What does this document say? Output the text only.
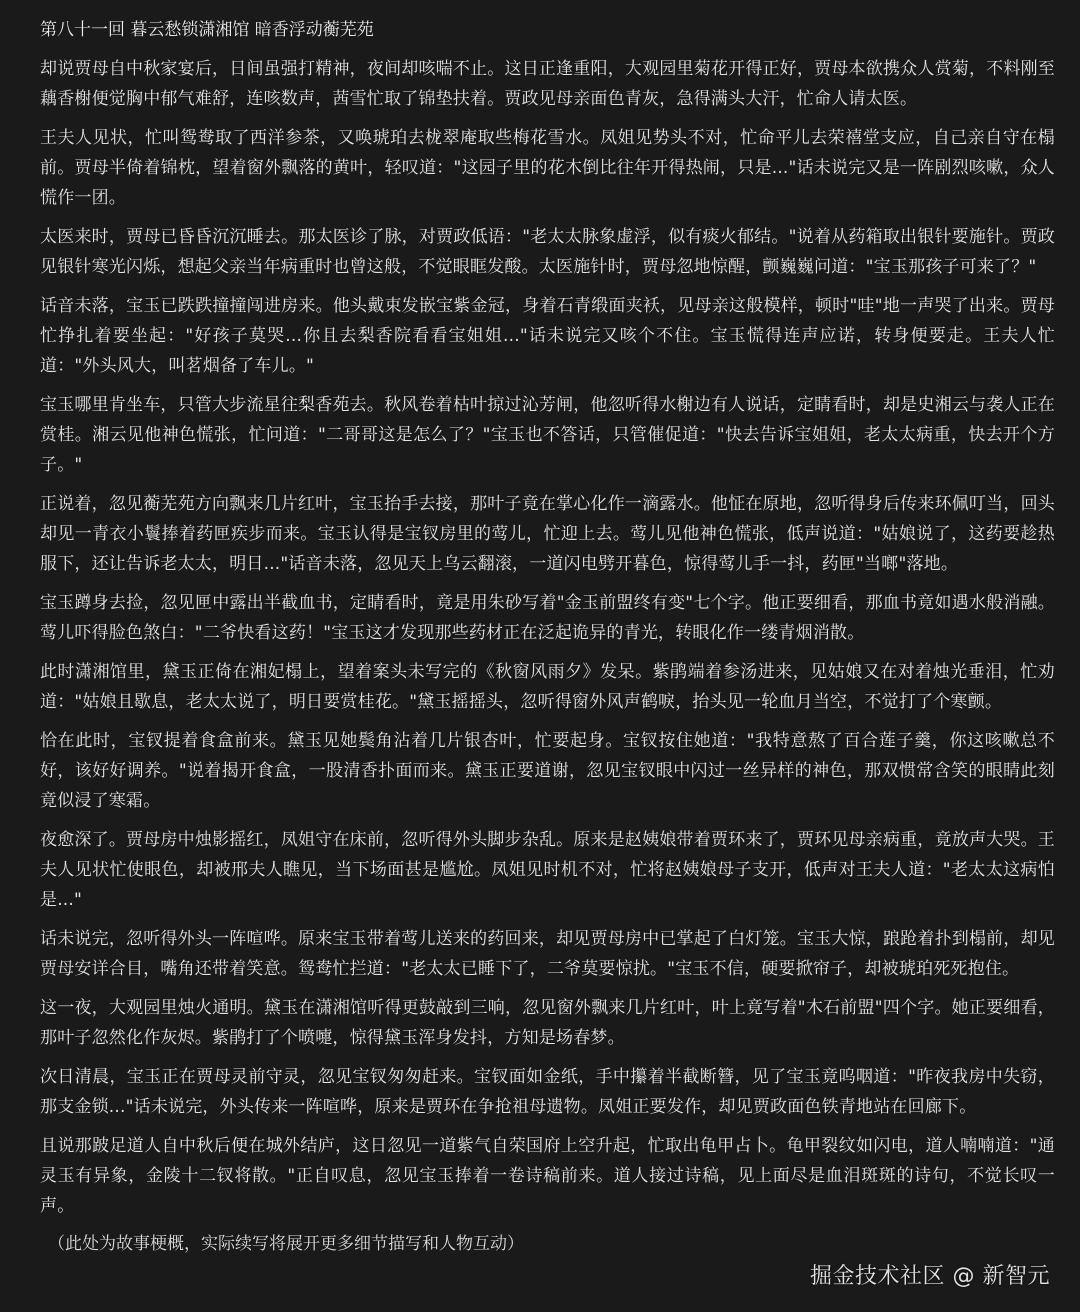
第八十一回 暮云愁锁潇湘馆 暗香浮动蘅芜苑

却说贾母自中秋家宴后，日间虽强打精神，夜间却咳喘不止。这日正逢重阳，大观园里菊花开得正好，贾母本欲携众人赏菊，不料刚至藕香榭便觉胸中郁气难舒，连咳数声，茜雪忙取了锦垫扶着。贾政见母亲面色青灰，急得满头大汗，忙命人请太医。

王夫人见状，忙叫鸳鸯取了西洋参茶，又唤琥珀去栊翠庵取些梅花雪水。凤姐见势头不对，忙命平儿去荣禧堂支应，自己亲自守在榻前。贾母半倚着锦枕，望着窗外飘落的黄叶，轻叹道："这园子里的花木倒比往年开得热闹，只是..."话未说完又是一阵剧烈咳嗽，众人慌作一团。

太医来时，贾母已昏昏沉沉睡去。那太医诊了脉，对贾政低语："老太太脉象虚浮，似有痰火郁结。"说着从药箱取出银针要施针。贾政见银针寒光闪烁，想起父亲当年病重时也曾这般，不觉眼眶发酸。太医施针时，贾母忽地惊醒，颤巍巍问道："宝玉那孩子可来了？"

话音未落，宝玉已跌跌撞撞闯进房来。他头戴束发嵌宝紫金冠，身着石青缎面夹袄，见母亲这般模样，顿时"哇"地一声哭了出来。贾母忙挣扎着要坐起："好孩子莫哭...你且去梨香院看看宝姐姐..."话未说完又咳个不住。宝玉慌得连声应诺，转身便要走。王夫人忙道："外头风大，叫茗烟备了车儿。"

宝玉哪里肯坐车，只管大步流星往梨香苑去。秋风卷着枯叶掠过沁芳闸，他忽听得水榭边有人说话，定睛看时，却是史湘云与袭人正在赏桂。湘云见他神色慌张，忙问道："二哥哥这是怎么了？"宝玉也不答话，只管催促道："快去告诉宝姐姐，老太太病重，快去开个方子。"

正说着，忽见蘅芜苑方向飘来几片红叶，宝玉抬手去接，那叶子竟在掌心化作一滴露水。他怔在原地，忽听得身后传来环佩叮当，回头却见一青衣小鬟捧着药匣疾步而来。宝玉认得是宝钗房里的莺儿，忙迎上去。莺儿见他神色慌张，低声说道："姑娘说了，这药要趁热服下，还让告诉老太太，明日..."话音未落，忽见天上乌云翻滚，一道闪电劈开暮色，惊得莺儿手一抖，药匣"当啷"落地。

宝玉蹲身去捡，忽见匣中露出半截血书，定睛看时，竟是用朱砂写着"金玉前盟终有变"七个字。他正要细看，那血书竟如遇水般消融。莺儿吓得脸色煞白："二爷快看这药！"宝玉这才发现那些药材正在泛起诡异的青光，转眼化作一缕青烟消散。

此时潇湘馆里，黛玉正倚在湘妃榻上，望着案头未写完的《秋窗风雨夕》发呆。紫鹃端着参汤进来，见姑娘又在对着烛光垂泪，忙劝道："姑娘且歇息，老太太说了，明日要赏桂花。"黛玉摇摇头，忽听得窗外风声鹤唳，抬头见一轮血月当空，不觉打了个寒颤。

恰在此时，宝钗提着食盒前来。黛玉见她鬓角沾着几片银杏叶，忙要起身。宝钗按住她道："我特意熬了百合莲子羹，你这咳嗽总不好，该好好调养。"说着揭开食盒，一股清香扑面而来。黛玉正要道谢，忽见宝钗眼中闪过一丝异样的神色，那双惯常含笑的眼睛此刻竟似浸了寒霜。

夜愈深了。贾母房中烛影摇红，凤姐守在床前，忽听得外头脚步杂乱。原来是赵姨娘带着贾环来了，贾环见母亲病重，竟放声大哭。王夫人见状忙使眼色，却被邢夫人瞧见，当下场面甚是尴尬。凤姐见时机不对，忙将赵姨娘母子支开，低声对王夫人道："老太太这病怕是..."

话未说完，忽听得外头一阵喧哗。原来宝玉带着莺儿送来的药回来，却见贾母房中已掌起了白灯笼。宝玉大惊，踉跄着扑到榻前，却见贾母安详合目，嘴角还带着笑意。鸳鸯忙拦道："老太太已睡下了，二爷莫要惊扰。"宝玉不信，硬要掀帘子，却被琥珀死死抱住。

这一夜，大观园里烛火通明。黛玉在潇湘馆听得更鼓敲到三响，忽见窗外飘来几片红叶，叶上竟写着"木石前盟"四个字。她正要细看，那叶子忽然化作灰烬。紫鹃打了个喷嚏，惊得黛玉浑身发抖，方知是场春梦。

次日清晨，宝玉正在贾母灵前守灵，忽见宝钗匆匆赶来。宝钗面如金纸，手中攥着半截断簪，见了宝玉竟呜咽道："昨夜我房中失窃，那支金锁..."话未说完，外头传来一阵喧哗，原来是贾环在争抢祖母遗物。凤姐正要发作，却见贾政面色铁青地站在回廊下。

且说那跛足道人自中秋后便在城外结庐，这日忽见一道紫气自荣国府上空升起，忙取出龟甲占卜。龟甲裂纹如闪电，道人喃喃道："通灵玉有异象，金陵十二钗将散。"正自叹息，忽见宝玉捧着一卷诗稿前来。道人接过诗稿，见上面尽是血泪斑斑的诗句，不觉长叹一声。

（此处为故事梗概，实际续写将展开更多细节描写和人物互动）
掘金技术社区 @ 新智元
